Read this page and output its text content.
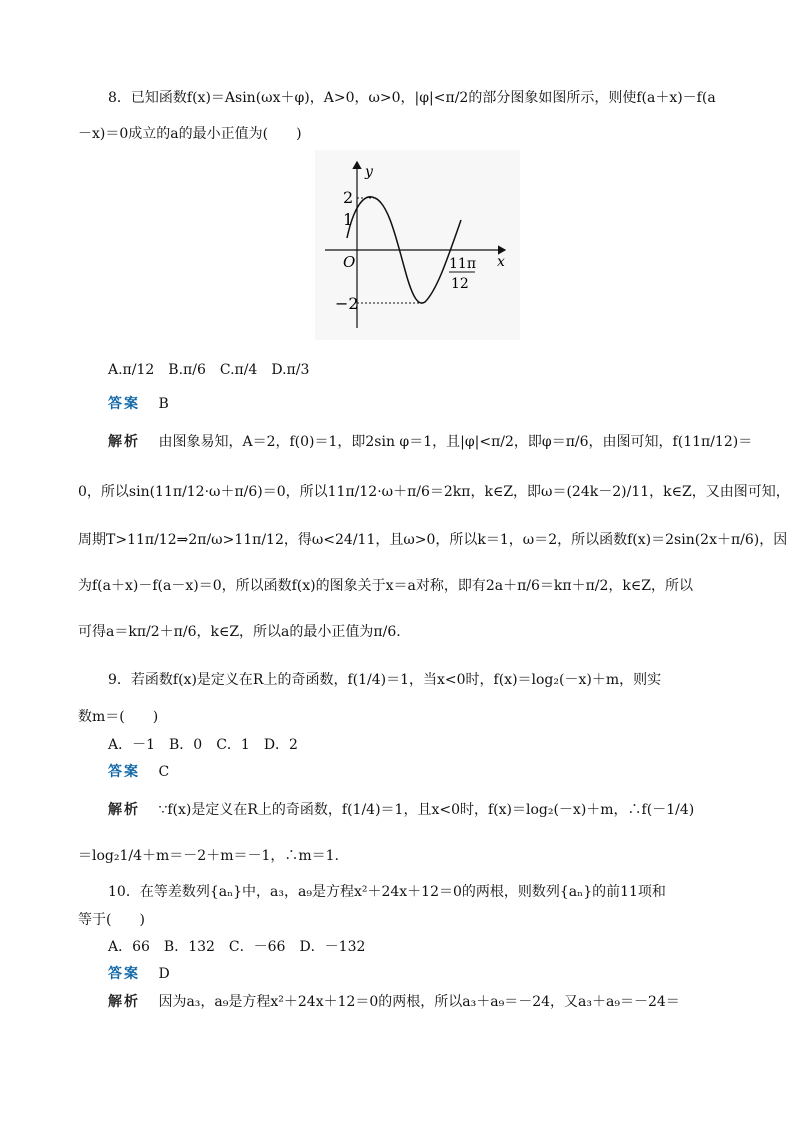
8．已知函数f(x)＝Asin(ωx＋φ)，A>0，ω>0，|φ|<π/2的部分图象如图所示，则使f(a＋x)－f(a
－x)＝0成立的a的最小正值为(　　)
y
x
O
2
1
−2
11π
12
A.π/12　B.π/6　C.π/4　D.π/3
答案 B
解析 由图象易知，A＝2，f(0)＝1，即2sin φ＝1，且|φ|<π/2，即φ＝π/6，由图可知，f(11π/12)＝
0，所以sin(11π/12·ω＋π/6)＝0，所以11π/12·ω＋π/6＝2kπ，k∈Z，即ω＝(24k－2)/11，k∈Z，又由图可知，
周期T>11π/12⇒2π/ω>11π/12，得ω<24/11，且ω>0，所以k＝1，ω＝2，所以函数f(x)＝2sin(2x＋π/6)，因
为f(a＋x)－f(a－x)＝0，所以函数f(x)的图象关于x＝a对称，即有2a＋π/6＝kπ＋π/2，k∈Z，所以
可得a＝kπ/2＋π/6，k∈Z，所以a的最小正值为π/6.
9．若函数f(x)是定义在R上的奇函数，f(1/4)＝1，当x<0时，f(x)＝log₂(－x)＋m，则实
数m＝(　　)
A．－1　B．0　C．1　D．2
答案 C
解析 ∵f(x)是定义在R上的奇函数，f(1/4)＝1，且x<0时，f(x)＝log₂(－x)＋m，∴f(－1/4)
＝log₂1/4＋m＝－2＋m＝－1，∴m＝1.
10．在等差数列{aₙ}中，a₃，a₉是方程x²＋24x＋12＝0的两根，则数列{aₙ}的前11项和
等于(　　)
A．66　B．132　C．－66　D．－132
答案 D
解析 因为a₃，a₉是方程x²＋24x＋12＝0的两根，所以a₃＋a₉＝－24，又a₃＋a₉＝－24＝
